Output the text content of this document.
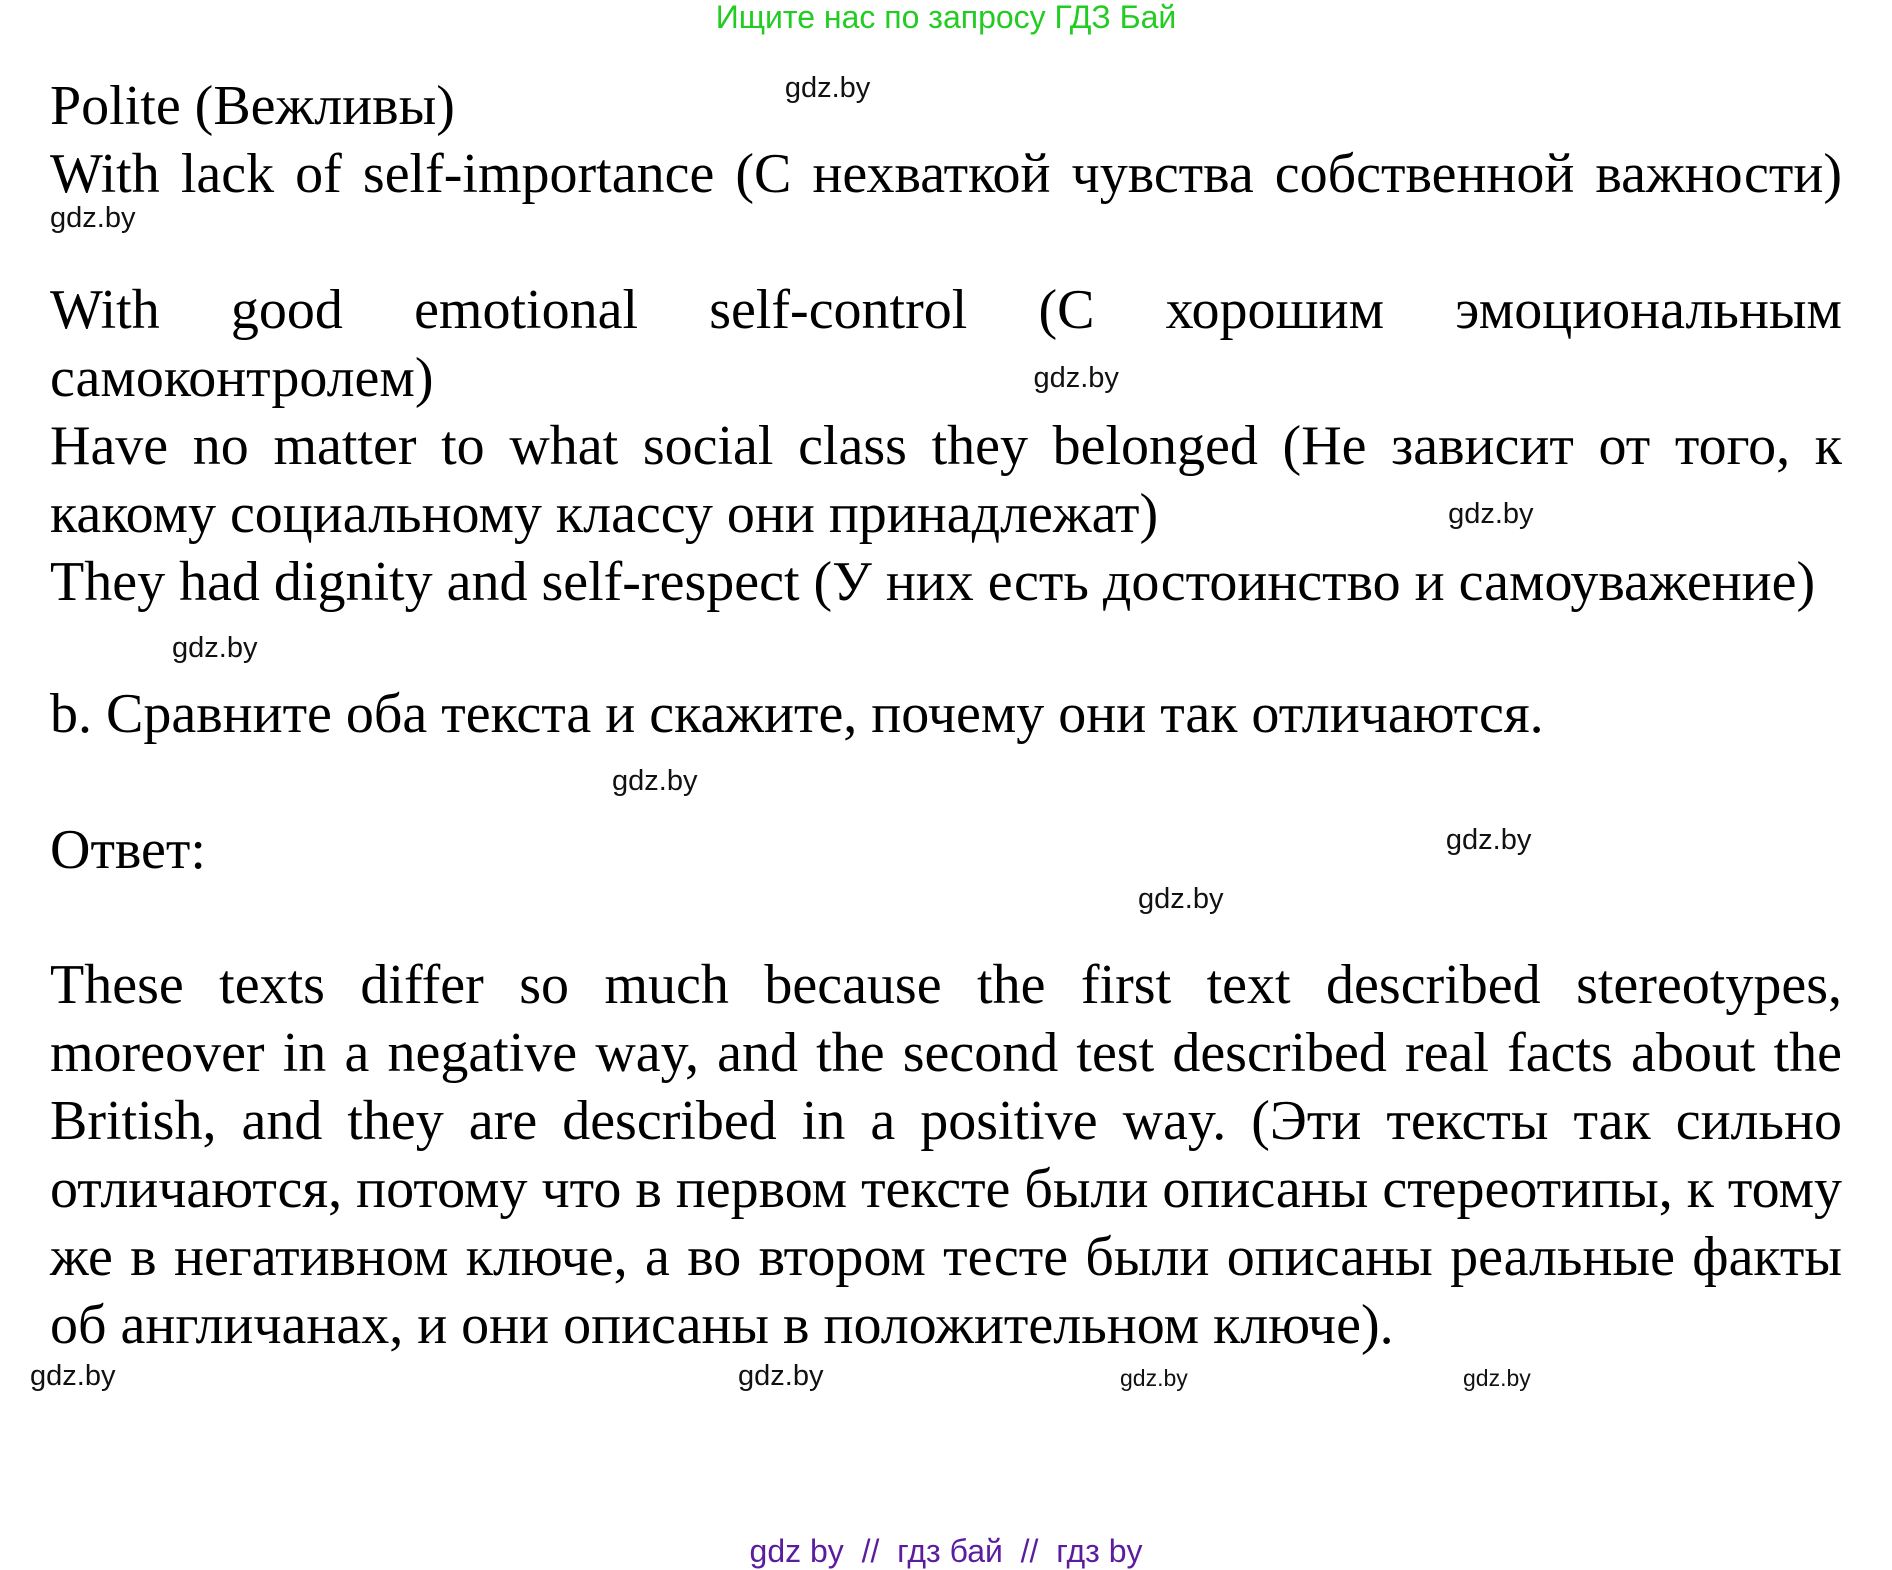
Ищите нас по запросу ГДЗ Бай

Polite (Вежливы)	gdz.by

With lack of self-importance (С нехваткой чувства собственной важности)gdz.by

With good emotional self-control (С хорошим эмоциональным самоконтролем)	gdz.by

Have no matter to what social class they belonged (Не зависит от того, к какому социальному классу они принадлежат)	gdz.by

They had dignity and self-respect (У них есть достоинство и самоуважение)

gdz.by

b. Сравните оба текста и скажите, почему они так отличаются.

gdz.by

Ответ:	gdz.by

gdz.by

These texts differ so much because the first text described stereotypes, moreover in a negative way, and the second test described real facts about the British, and they are described in a positive way. (Эти тексты так сильно отличаются, потому что в первом тексте были описаны стереотипы, к тому же в негативном ключе, а во втором тесте были описаны реальные факты об англичанах, и они описаны в положительном ключе).

gdz.by	gdz.by	gdz.by	gdz.by
gdz by  //  гдз бай  //  гдз by
